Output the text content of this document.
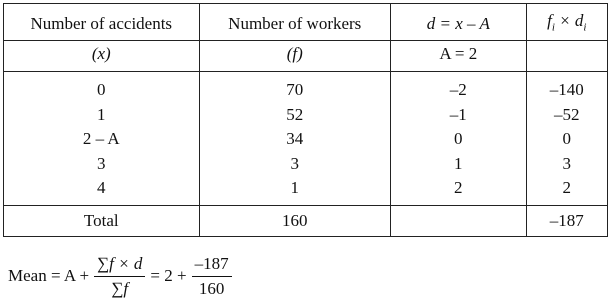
Number of accidents	Number of workers	d = x – A	$f_i \times d_i$
(x)	(f)	A = 2	
0	70	–2	–140
1	52	–1	–52
2 – A	34	0	0
3	3	1	3
4	1	2	2
Total	160		–187
Mean = $A + \frac{\sum f \times d}{\sum f} = 2 + \frac{-187}{160}$
